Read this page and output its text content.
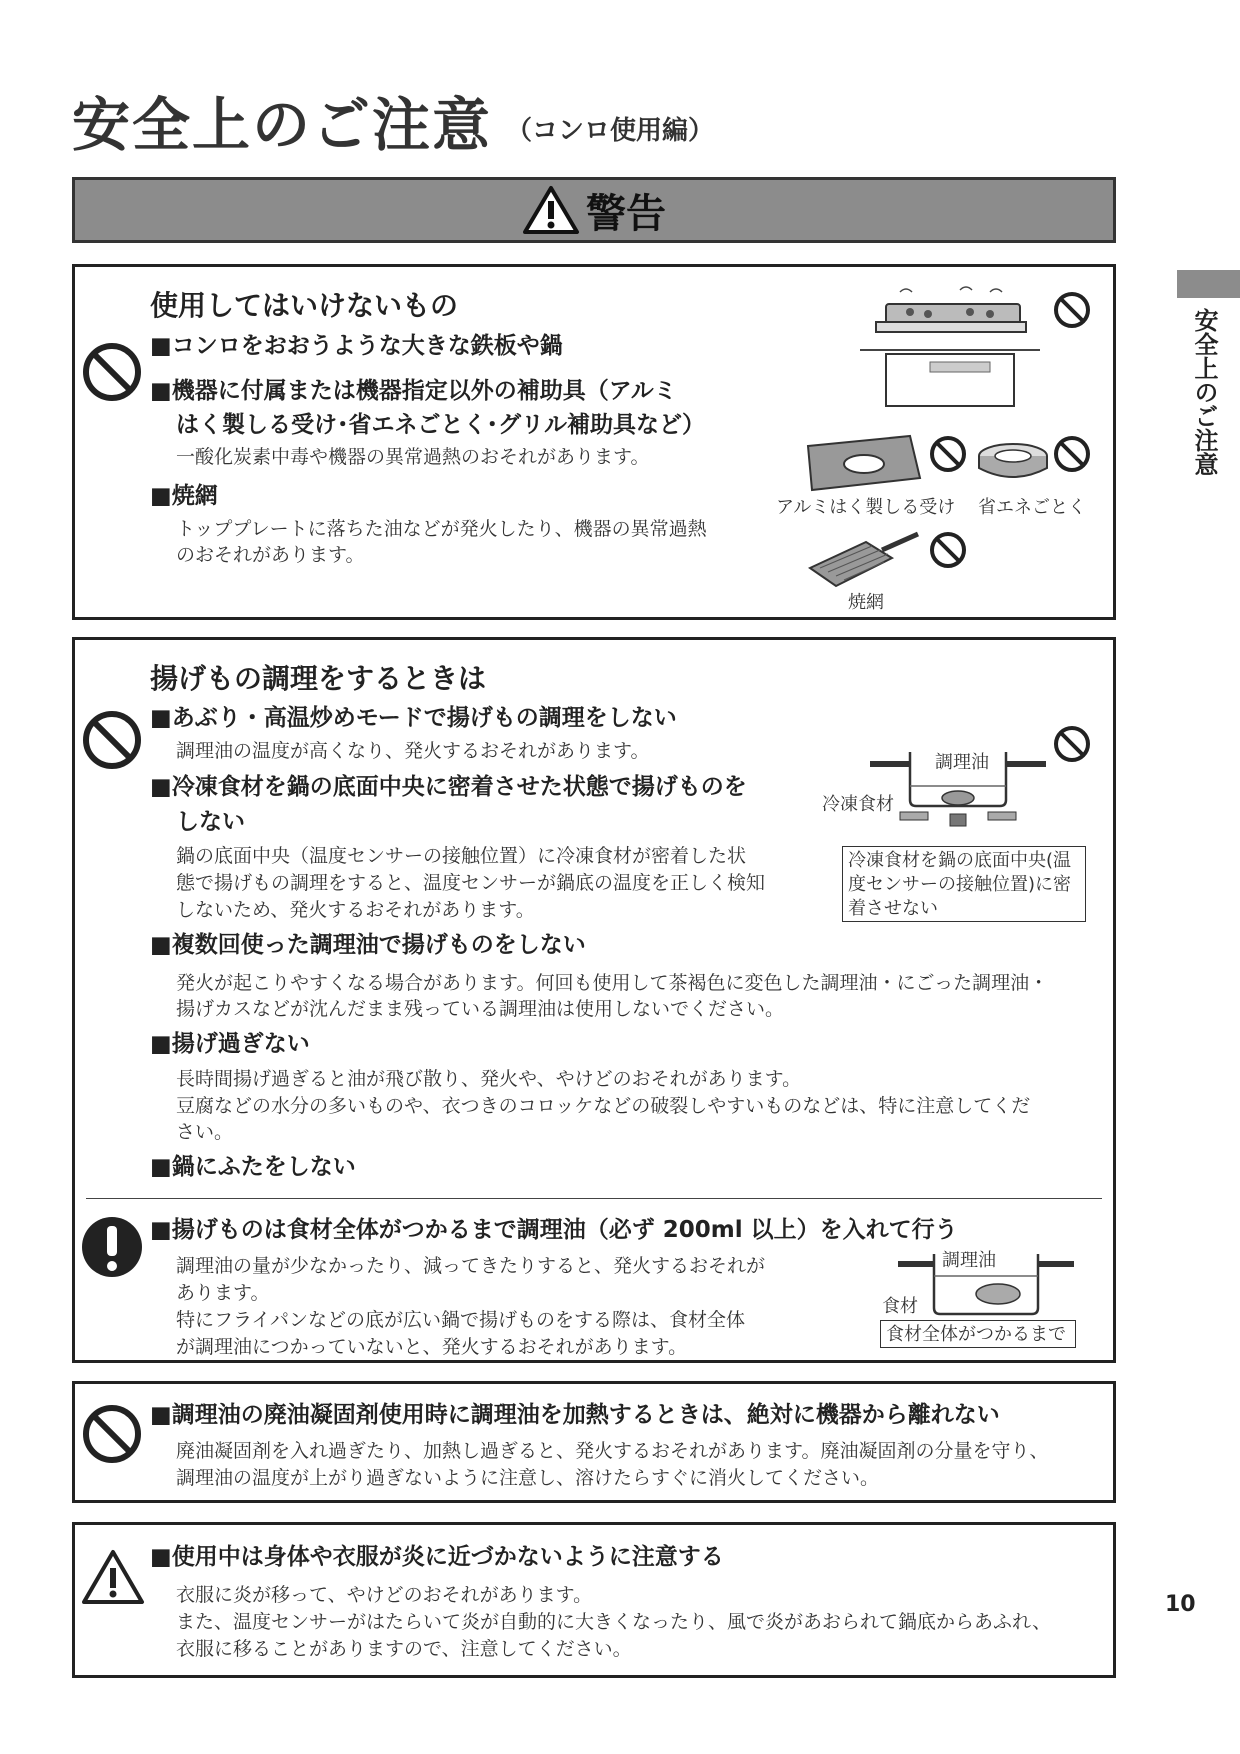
安全上のご注意 （コンロ使用編）
警告
安全上のご注意
使用してはいけないもの
■コンロをおおうような大きな鉄板や鍋
■機器に付属または機器指定以外の補助具（アルミ
はく製しる受け･省エネごとく･グリル補助具など）
一酸化炭素中毒や機器の異常過熱のおそれがあります。
■焼網
トッププレートに落ちた油などが発火したり、機器の異常過熱
のおそれがあります。
アルミはく製しる受け 省エネごとく
焼網
揚げもの調理をするときは
■あぶり・高温炒めモードで揚げもの調理をしない
調理油の温度が高くなり、発火するおそれがあります。
■冷凍食材を鍋の底面中央に密着させた状態で揚げものを
しない
鍋の底面中央（温度センサーの接触位置）に冷凍食材が密着した状
態で揚げもの調理をすると、温度センサーが鍋底の温度を正しく検知
しないため、発火するおそれがあります。
調理油
冷凍食材
冷凍食材を鍋の底面中央(温
度センサーの接触位置)に密
着させない
■複数回使った調理油で揚げものをしない
発火が起こりやすくなる場合があります。何回も使用して茶褐色に変色した調理油・にごった調理油・
揚げカスなどが沈んだまま残っている調理油は使用しないでください。
■揚げ過ぎない
長時間揚げ過ぎると油が飛び散り、発火や、やけどのおそれがあります。
豆腐などの水分の多いものや、衣つきのコロッケなどの破裂しやすいものなどは、特に注意してくだ
さい。
■鍋にふたをしない
■揚げものは食材全体がつかるまで調理油（必ず 200ml 以上）を入れて行う
調理油の量が少なかったり、減ってきたりすると、発火するおそれが
あります。
特にフライパンなどの底が広い鍋で揚げものをする際は、食材全体
が調理油につかっていないと、発火するおそれがあります。
調理油
食材
食材全体がつかるまで
■調理油の廃油凝固剤使用時に調理油を加熱するときは、絶対に機器から離れない
廃油凝固剤を入れ過ぎたり、加熱し過ぎると、発火するおそれがあります。廃油凝固剤の分量を守り、
調理油の温度が上がり過ぎないように注意し、溶けたらすぐに消火してください。
■使用中は身体や衣服が炎に近づかないように注意する
衣服に炎が移って、やけどのおそれがあります。
また、温度センサーがはたらいて炎が自動的に大きくなったり、風で炎があおられて鍋底からあふれ、
衣服に移ることがありますので、注意してください。
10
